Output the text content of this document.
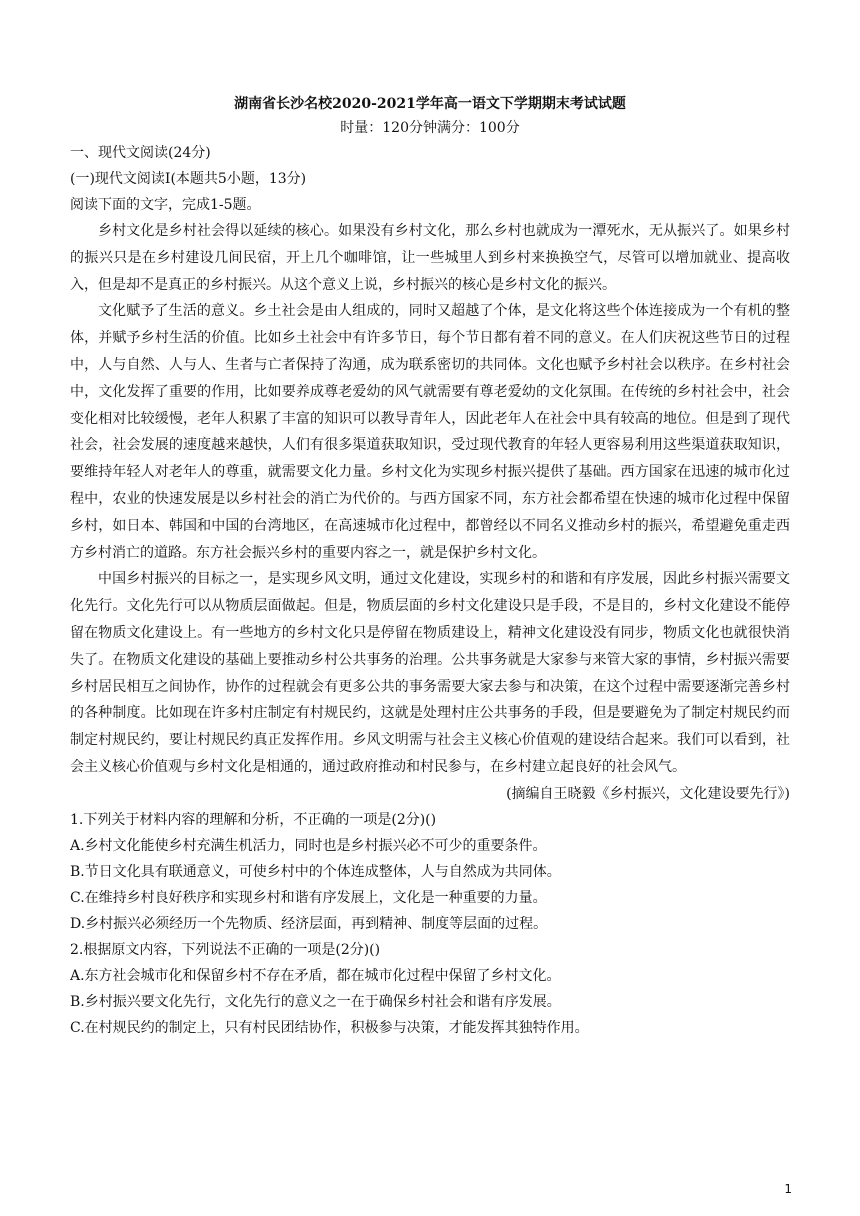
湖南省长沙名校2020-2021学年高一语文下学期期末考试试题

时量：120分钟满分：100分

一、现代文阅读(24分)

(一)现代文阅读Ⅰ(本题共5小题，13分)

阅读下面的文字，完成1-5题。

乡村文化是乡村社会得以延续的核心。如果没有乡村文化，那么乡村也就成为一潭死水，无从振兴了。如果乡村的振兴只是在乡村建设几间民宿，开上几个咖啡馆，让一些城里人到乡村来换换空气，尽管可以增加就业、提高收入，但是却不是真正的乡村振兴。从这个意义上说，乡村振兴的核心是乡村文化的振兴。

文化赋予了生活的意义。乡土社会是由人组成的，同时又超越了个体，是文化将这些个体连接成为一个有机的整体，并赋予乡村生活的价值。比如乡土社会中有许多节日，每个节日都有着不同的意义。在人们庆祝这些节日的过程中，人与自然、人与人、生者与亡者保持了沟通，成为联系密切的共同体。文化也赋予乡村社会以秩序。在乡村社会中，文化发挥了重要的作用，比如要养成尊老爱幼的风气就需要有尊老爱幼的文化氛围。在传统的乡村社会中，社会变化相对比较缓慢，老年人积累了丰富的知识可以教导青年人，因此老年人在社会中具有较高的地位。但是到了现代社会，社会发展的速度越来越快，人们有很多渠道获取知识，受过现代教育的年轻人更容易利用这些渠道获取知识，要维持年轻人对老年人的尊重，就需要文化力量。乡村文化为实现乡村振兴提供了基础。西方国家在迅速的城市化过程中，农业的快速发展是以乡村社会的消亡为代价的。与西方国家不同，东方社会都希望在快速的城市化过程中保留乡村，如日本、韩国和中国的台湾地区，在高速城市化过程中，都曾经以不同名义推动乡村的振兴，希望避免重走西方乡村消亡的道路。东方社会振兴乡村的重要内容之一，就是保护乡村文化。

中国乡村振兴的目标之一，是实现乡风文明，通过文化建设，实现乡村的和谐和有序发展，因此乡村振兴需要文化先行。文化先行可以从物质层面做起。但是，物质层面的乡村文化建设只是手段，不是目的，乡村文化建设不能停留在物质文化建设上。有一些地方的乡村文化只是停留在物质建设上，精神文化建设没有同步，物质文化也就很快消失了。在物质文化建设的基础上要推动乡村公共事务的治理。公共事务就是大家参与来管大家的事情，乡村振兴需要乡村居民相互之间协作，协作的过程就会有更多公共的事务需要大家去参与和决策，在这个过程中需要逐渐完善乡村的各种制度。比如现在许多村庄制定有村规民约，这就是处理村庄公共事务的手段，但是要避免为了制定村规民约而制定村规民约，要让村规民约真正发挥作用。乡风文明需与社会主义核心价值观的建设结合起来。我们可以看到，社会主义核心价值观与乡村文化是相通的，通过政府推动和村民参与，在乡村建立起良好的社会风气。

(摘编自王晓毅《乡村振兴，文化建设要先行》)

1.下列关于材料内容的理解和分析，不正确的一项是(2分)()

A.乡村文化能使乡村充满生机活力，同时也是乡村振兴必不可少的重要条件。

B.节日文化具有联通意义，可使乡村中的个体连成整体，人与自然成为共同体。

C.在维持乡村良好秩序和实现乡村和谐有序发展上，文化是一种重要的力量。

D.乡村振兴必须经历一个先物质、经济层面，再到精神、制度等层面的过程。

2.根据原文内容，下列说法不正确的一项是(2分)()

A.东方社会城市化和保留乡村不存在矛盾，都在城市化过程中保留了乡村文化。

B.乡村振兴要文化先行，文化先行的意义之一在于确保乡村社会和谐有序发展。

C.在村规民约的制定上，只有村民团结协作，积极参与决策，才能发挥其独特作用。

1
